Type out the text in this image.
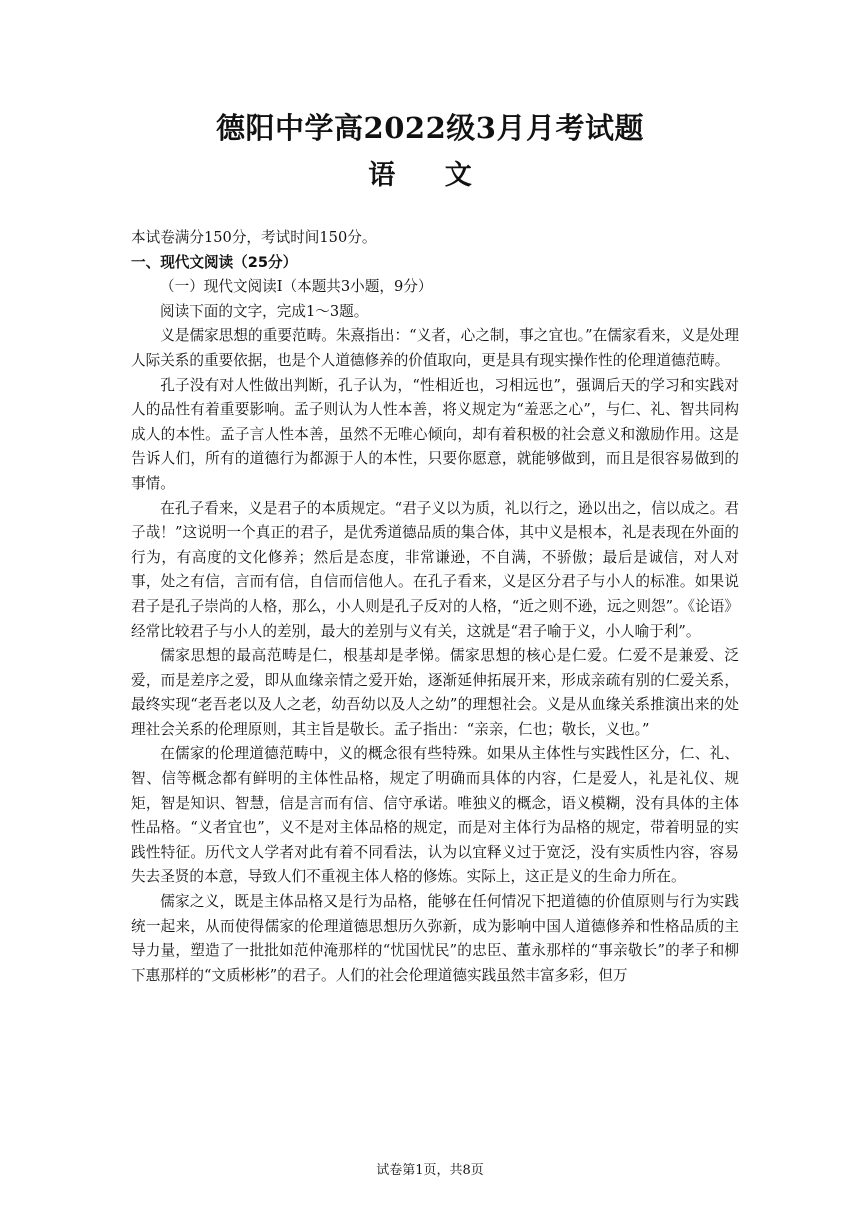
德阳中学高2022级3月月考试题
语 文

本试卷满分150分，考试时间150分。

一、现代文阅读（25分）

（一）现代文阅读Ⅰ（本题共3小题，9分）

阅读下面的文字，完成1～3题。

义是儒家思想的重要范畴。朱熹指出：“义者，心之制，事之宜也。”在儒家看来，义是处理人际关系的重要依据，也是个人道德修养的价值取向，更是具有现实操作性的伦理道德范畴。

孔子没有对人性做出判断，孔子认为，“性相近也，习相远也”，强调后天的学习和实践对人的品性有着重要影响。孟子则认为人性本善，将义规定为“羞恶之心”，与仁、礼、智共同构成人的本性。孟子言人性本善，虽然不无唯心倾向，却有着积极的社会意义和激励作用。这是告诉人们，所有的道德行为都源于人的本性，只要你愿意，就能够做到，而且是很容易做到的事情。

在孔子看来，义是君子的本质规定。“君子义以为质，礼以行之，逊以出之，信以成之。君子哉！”这说明一个真正的君子，是优秀道德品质的集合体，其中义是根本，礼是表现在外面的行为，有高度的文化修养；然后是态度，非常谦逊，不自满，不骄傲；最后是诚信，对人对事，处之有信，言而有信，自信而信他人。在孔子看来，义是区分君子与小人的标准。如果说君子是孔子崇尚的人格，那么，小人则是孔子反对的人格，“近之则不逊，远之则怨”。《论语》经常比较君子与小人的差别，最大的差别与义有关，这就是“君子喻于义，小人喻于利”。

儒家思想的最高范畴是仁，根基却是孝悌。儒家思想的核心是仁爱。仁爱不是兼爱、泛爱，而是差序之爱，即从血缘亲情之爱开始，逐渐延伸拓展开来，形成亲疏有别的仁爱关系，最终实现“老吾老以及人之老，幼吾幼以及人之幼”的理想社会。义是从血缘关系推演出来的处理社会关系的伦理原则，其主旨是敬长。孟子指出：“亲亲，仁也；敬长，义也。”

在儒家的伦理道德范畴中，义的概念很有些特殊。如果从主体性与实践性区分，仁、礼、智、信等概念都有鲜明的主体性品格，规定了明确而具体的内容，仁是爱人，礼是礼仪、规矩，智是知识、智慧，信是言而有信、信守承诺。唯独义的概念，语义模糊，没有具体的主体性品格。“义者宜也”，义不是对主体品格的规定，而是对主体行为品格的规定，带着明显的实践性特征。历代文人学者对此有着不同看法，认为以宜释义过于宽泛，没有实质性内容，容易失去圣贤的本意，导致人们不重视主体人格的修炼。实际上，这正是义的生命力所在。

儒家之义，既是主体品格又是行为品格，能够在任何情况下把道德的价值原则与行为实践统一起来，从而使得儒家的伦理道德思想历久弥新，成为影响中国人道德修养和性格品质的主导力量，塑造了一批批如范仲淹那样的“忧国忧民”的忠臣、董永那样的“事亲敬长”的孝子和柳下惠那样的“文质彬彬”的君子。人们的社会伦理道德实践虽然丰富多彩，但万

试卷第1页，共8页
